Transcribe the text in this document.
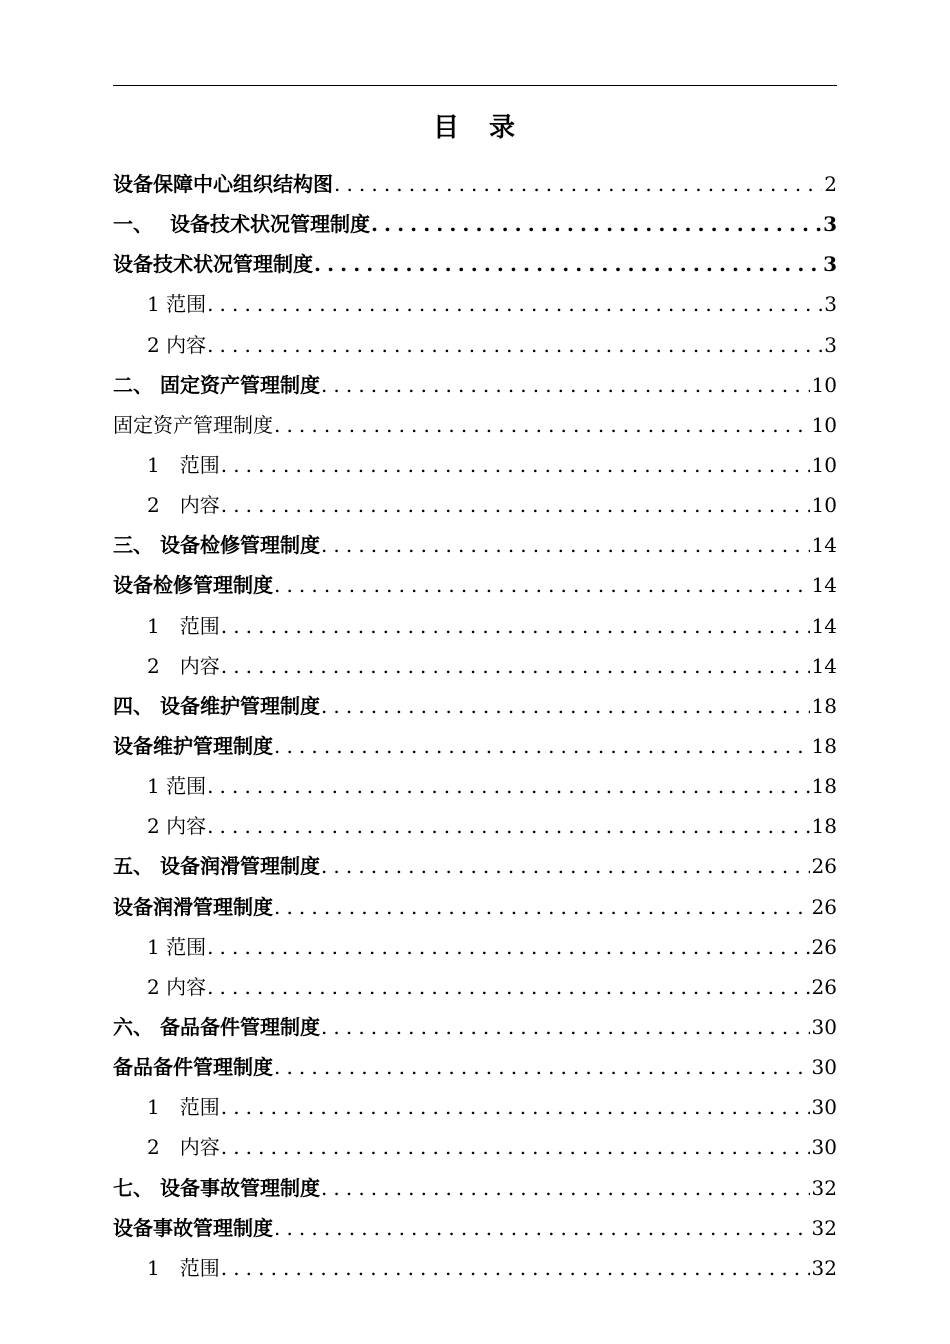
目　录
设备保障中心组织结构图 .....	2
一、　 设备技术状况管理制度 .....	3
设备技术状况管理制度 .....	3
1 范围 .....	3
2 内容 .....	3
二、 固定资产管理制度 .....	10
固定资产管理制度 .....	10
1　范围 .....	10
2　内容 .....	10
三、 设备检修管理制度 .....	14
设备检修管理制度 .....	14
1　范围 .....	14
2　内容 .....	14
四、 设备维护管理制度 .....	18
设备维护管理制度 .....	18
1 范围 .....	18
2 内容 .....	18
五、 设备润滑管理制度 .....	26
设备润滑管理制度 .....	26
1 范围 .....	26
2 内容 .....	26
六、 备品备件管理制度 .....	30
备品备件管理制度 .....	30
1　范围 .....	30
2　内容 .....	30
七、 设备事故管理制度 .....	32
设备事故管理制度 .....	32
1　范围 .....	32
